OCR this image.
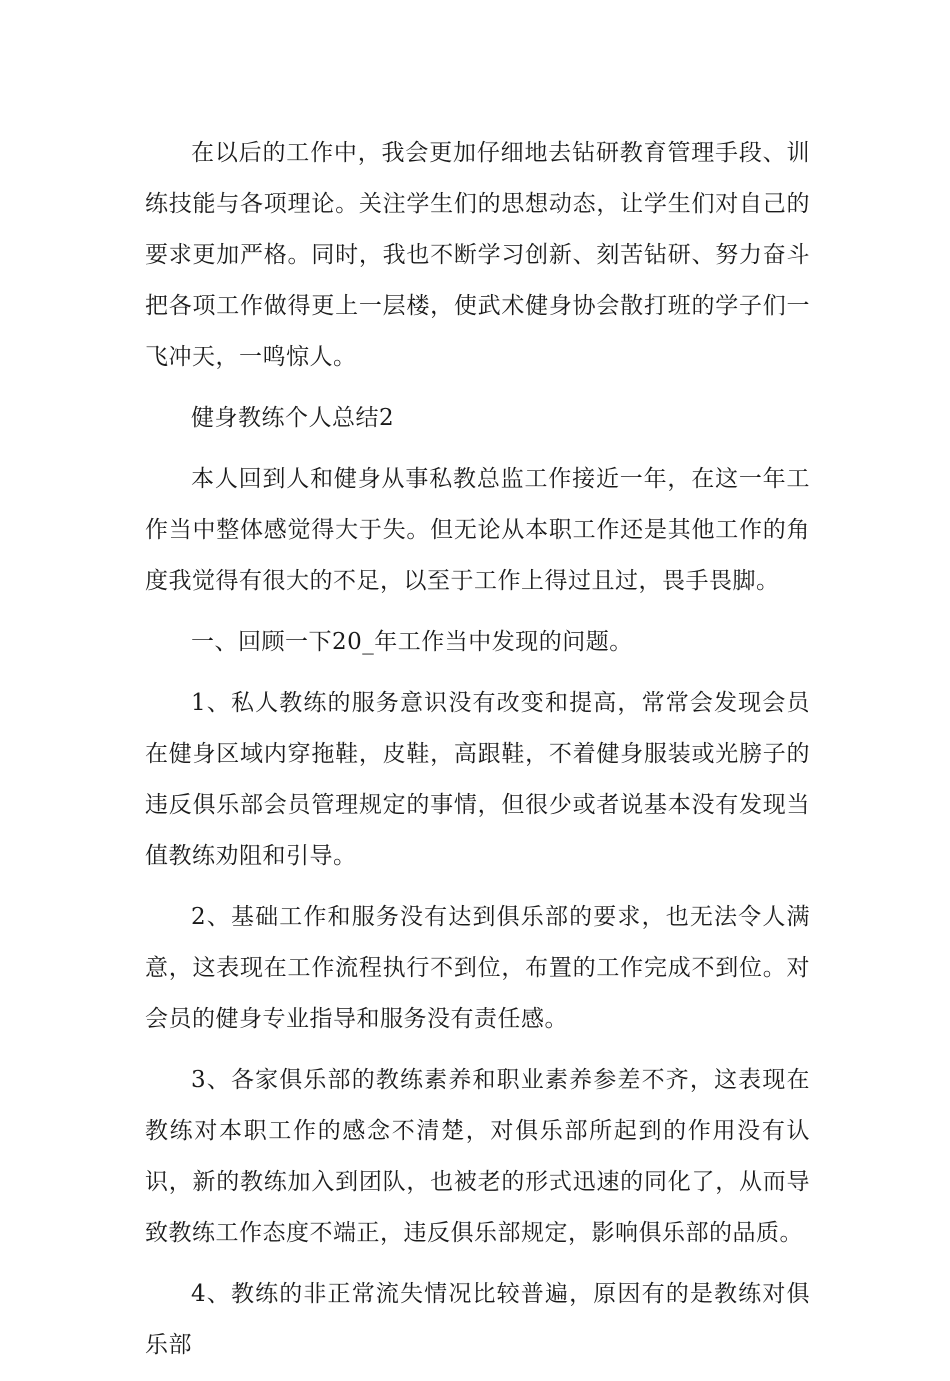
在以后的工作中，我会更加仔细地去钻研教育管理手段、训练技能与各项理论。关注学生们的思想动态，让学生们对自己的要求更加严格。同时，我也不断学习创新、刻苦钻研、努力奋斗把各项工作做得更上一层楼，使武术健身协会散打班的学子们一飞冲天，一鸣惊人。

健身教练个人总结2

本人回到人和健身从事私教总监工作接近一年，在这一年工作当中整体感觉得大于失。但无论从本职工作还是其他工作的角度我觉得有很大的不足，以至于工作上得过且过，畏手畏脚。

一、回顾一下20_年工作当中发现的问题。

1、私人教练的服务意识没有改变和提高，常常会发现会员在健身区域内穿拖鞋，皮鞋，高跟鞋，不着健身服装或光膀子的违反俱乐部会员管理规定的事情，但很少或者说基本没有发现当值教练劝阻和引导。

2、基础工作和服务没有达到俱乐部的要求，也无法令人满意，这表现在工作流程执行不到位，布置的工作完成不到位。对会员的健身专业指导和服务没有责任感。

3、各家俱乐部的教练素养和职业素养参差不齐，这表现在教练对本职工作的感念不清楚，对俱乐部所起到的作用没有认识，新的教练加入到团队，也被老的形式迅速的同化了，从而导致教练工作态度不端正，违反俱乐部规定，影响俱乐部的品质。

4、教练的非正常流失情况比较普遍，原因有的是教练对俱乐部
